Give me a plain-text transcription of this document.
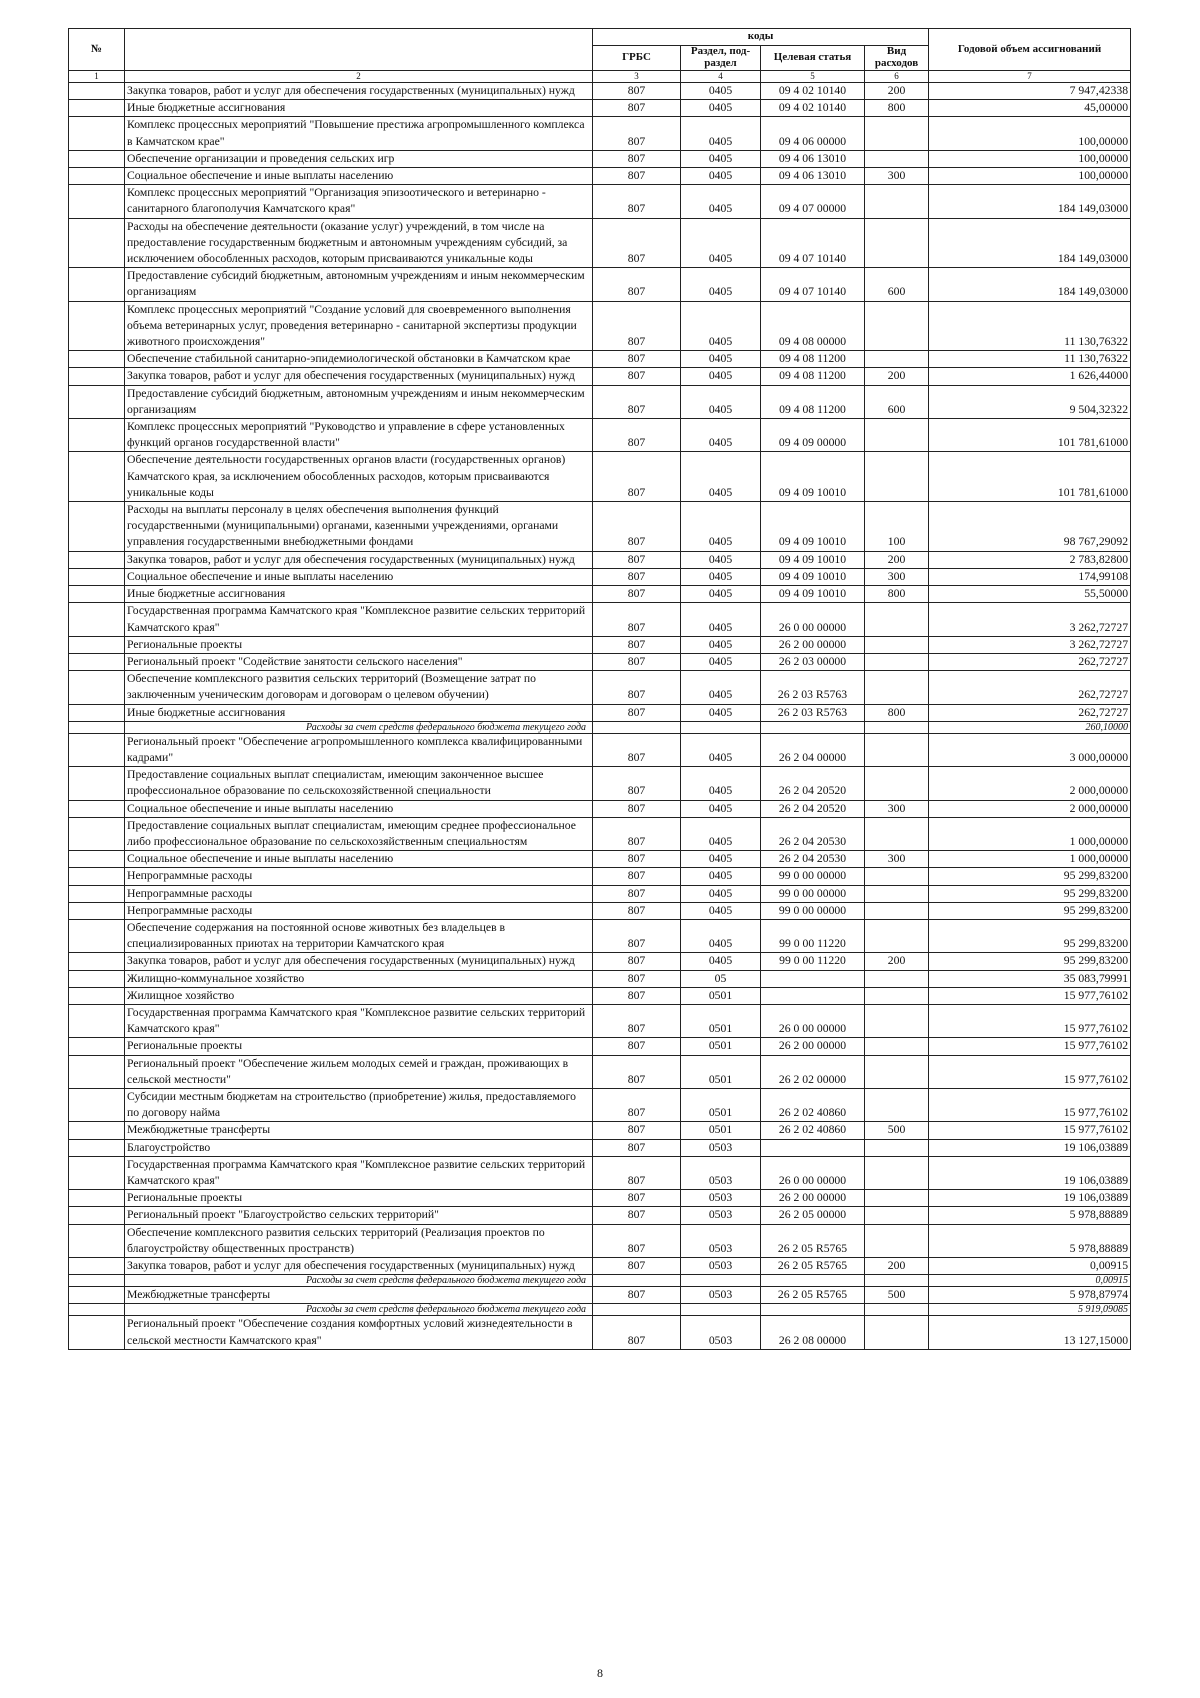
№		коды				Годовой объем ассигнований
		ГРБС	Раздел, под-раздел	Целевая статья	Вид расходов	
1	2	3	4	5	6	7
	Закупка товаров, работ и услуг для обеспечения государственных (муниципальных) нужд	807	0405	09 4 02 10140	200	7 947,42338
	Иные бюджетные ассигнования	807	0405	09 4 02 10140	800	45,00000
	Комплекс процессных мероприятий "Повышение престижа агропромышленного комплекса в Камчатском крае"	807	0405	09 4 06 00000		100,00000
	Обеспечение организации и проведения сельских игр	807	0405	09 4 06 13010		100,00000
	Социальное обеспечение и иные выплаты населению	807	0405	09 4 06 13010	300	100,00000
	Комплекс процессных мероприятий "Организация эпизоотического и ветеринарно - санитарного благополучия Камчатского края"	807	0405	09 4 07 00000		184 149,03000
	Расходы на обеспечение деятельности (оказание услуг) учреждений, в том числе на предоставление государственным бюджетным и автономным учреждениям субсидий, за исключением обособленных расходов, которым присваиваются уникальные коды	807	0405	09 4 07 10140		184 149,03000
	Предоставление субсидий бюджетным, автономным учреждениям и иным некоммерческим организациям	807	0405	09 4 07 10140	600	184 149,03000
	Комплекс процессных мероприятий "Создание условий для своевременного выполнения объема ветеринарных услуг, проведения ветеринарно - санитарной экспертизы продукции животного происхождения"	807	0405	09 4 08 00000		11 130,76322
	Обеспечение стабильной санитарно-эпидемиологической обстановки в Камчатском крае	807	0405	09 4 08 11200		11 130,76322
	Закупка товаров, работ и услуг для обеспечения государственных (муниципальных) нужд	807	0405	09 4 08 11200	200	1 626,44000
	Предоставление субсидий бюджетным, автономным учреждениям и иным некоммерческим организациям	807	0405	09 4 08 11200	600	9 504,32322
	Комплекс процессных мероприятий "Руководство и управление в сфере установленных функций органов государственной власти"	807	0405	09 4 09 00000		101 781,61000
	Обеспечение деятельности государственных органов власти (государственных органов) Камчатского края, за исключением обособленных расходов, которым присваиваются уникальные коды	807	0405	09 4 09 10010		101 781,61000
	Расходы на выплаты персоналу в целях обеспечения выполнения функций государственными (муниципальными) органами, казенными учреждениями, органами управления государственными внебюджетными фондами	807	0405	09 4 09 10010	100	98 767,29092
	Закупка товаров, работ и услуг для обеспечения государственных (муниципальных) нужд	807	0405	09 4 09 10010	200	2 783,82800
	Социальное обеспечение и иные выплаты населению	807	0405	09 4 09 10010	300	174,99108
	Иные бюджетные ассигнования	807	0405	09 4 09 10010	800	55,50000
	Государственная программа Камчатского края "Комплексное развитие сельских территорий Камчатского края"	807	0405	26 0 00 00000		3 262,72727
	Региональные проекты	807	0405	26 2 00 00000		3 262,72727
	Региональный проект "Содействие занятости сельского населения"	807	0405	26 2 03 00000		262,72727
	Обеспечение комплексного развития сельских территорий (Возмещение затрат по заключенным ученическим договорам и договорам о целевом обучении)	807	0405	26 2 03 R5763		262,72727
	Иные бюджетные ассигнования	807	0405	26 2 03 R5763	800	262,72727
	Расходы за счет средств федерального бюджета текущего года					260,10000
	Региональный проект "Обеспечение агропромышленного комплекса квалифицированными кадрами"	807	0405	26 2 04 00000		3 000,00000
	Предоставление социальных выплат специалистам, имеющим законченное высшее профессиональное образование по сельскохозяйственной специальности	807	0405	26 2 04 20520		2 000,00000
	Социальное обеспечение и иные выплаты населению	807	0405	26 2 04 20520	300	2 000,00000
	Предоставление социальных выплат специалистам, имеющим среднее профессиональное либо профессиональное образование по сельскохозяйственным специальностям	807	0405	26 2 04 20530		1 000,00000
	Социальное обеспечение и иные выплаты населению	807	0405	26 2 04 20530	300	1 000,00000
	Непрограммные расходы	807	0405	99 0 00 00000		95 299,83200
	Непрограммные расходы	807	0405	99 0 00 00000		95 299,83200
	Непрограммные расходы	807	0405	99 0 00 00000		95 299,83200
	Обеспечение содержания на постоянной основе животных без владельцев в специализированных приютах на территории Камчатского края	807	0405	99 0 00 11220		95 299,83200
	Закупка товаров, работ и услуг для обеспечения государственных (муниципальных) нужд	807	0405	99 0 00 11220	200	95 299,83200
	Жилищно-коммунальное хозяйство	807	05			35 083,79991
	Жилищное хозяйство	807	0501			15 977,76102
	Государственная программа Камчатского края "Комплексное развитие сельских территорий Камчатского края"	807	0501	26 0 00 00000		15 977,76102
	Региональные проекты	807	0501	26 2 00 00000		15 977,76102
	Региональный проект "Обеспечение жильем молодых семей и граждан, проживающих в сельской местности"	807	0501	26 2 02 00000		15 977,76102
	Субсидии местным бюджетам на строительство (приобретение) жилья, предоставляемого по договору найма	807	0501	26 2 02 40860		15 977,76102
	Межбюджетные трансферты	807	0501	26 2 02 40860	500	15 977,76102
	Благоустройство	807	0503			19 106,03889
	Государственная программа Камчатского края "Комплексное развитие сельских территорий Камчатского края"	807	0503	26 0 00 00000		19 106,03889
	Региональные проекты	807	0503	26 2 00 00000		19 106,03889
	Региональный проект "Благоустройство сельских территорий"	807	0503	26 2 05 00000		5 978,88889
	Обеспечение комплексного развития сельских территорий (Реализация проектов по благоустройству общественных пространств)	807	0503	26 2 05 R5765		5 978,88889
	Закупка товаров, работ и услуг для обеспечения государственных (муниципальных) нужд	807	0503	26 2 05 R5765	200	0,00915
	Расходы за счет средств федерального бюджета текущего года					0,00915
	Межбюджетные трансферты	807	0503	26 2 05 R5765	500	5 978,87974
	Расходы за счет средств федерального бюджета текущего года					5 919,09085
	Региональный проект "Обеспечение создания комфортных условий жизнедеятельности в сельской местности Камчатского края"	807	0503	26 2 08 00000		13 127,15000
8
